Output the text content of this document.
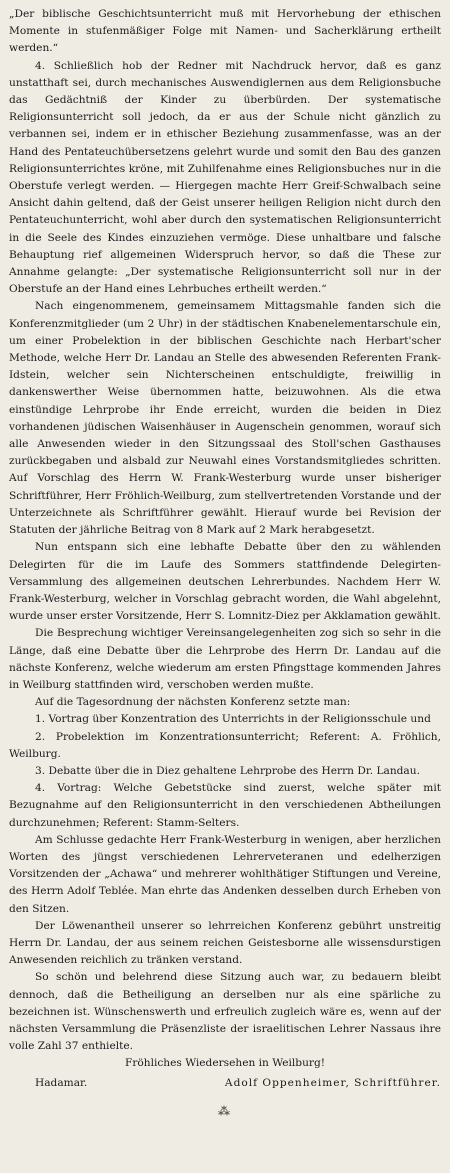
„Der biblische Geschichtsunterricht muß mit Hervorhebung der ethischen Momente in stufenmäßiger Folge mit Namen- und Sacherklärung ertheilt werden.“

4. Schließlich hob der Redner mit Nachdruck hervor, daß es ganz unstatthaft sei, durch mechanisches Auswendiglernen aus dem Religionsbuche das Gedächtniß der Kinder zu überbürden. Der systematische Religionsunterricht soll jedoch, da er aus der Schule nicht gänzlich zu verbannen sei, indem er in ethischer Beziehung zusammenfasse, was an der Hand des Pentateuchübersetzens gelehrt wurde und somit den Bau des ganzen Religionsunterrichtes kröne, mit Zuhilfenahme eines Religionsbuches nur in die Oberstufe verlegt werden. — Hiergegen machte Herr Greif-Schwalbach seine Ansicht dahin geltend, daß der Geist unserer heiligen Religion nicht durch den Pentateuchunterricht, wohl aber durch den systematischen Religionsunterricht in die Seele des Kindes einzuziehen vermöge. Diese unhaltbare und falsche Behauptung rief allgemeinen Widerspruch hervor, so daß die These zur Annahme gelangte: „Der systematische Religionsunterricht soll nur in der Oberstufe an der Hand eines Lehrbuches ertheilt werden.“

Nach eingenommenem, gemeinsamem Mittagsmahle fanden sich die Konferenzmitglieder (um 2 Uhr) in der städtischen Knabenelementarschule ein, um einer Probelektion in der biblischen Geschichte nach Herbart'scher Methode, welche Herr Dr. Landau an Stelle des abwesenden Referenten Frank-Idstein, welcher sein Nichterscheinen entschuldigte, freiwillig in dankenswerther Weise übernommen hatte, beizuwohnen. Als die etwa einstündige Lehrprobe ihr Ende erreicht, wurden die beiden in Diez vorhandenen jüdischen Waisenhäuser in Augenschein genommen, worauf sich alle Anwesenden wieder in den Sitzungssaal des Stoll'schen Gasthauses zurückbegaben und alsbald zur Neuwahl eines Vorstandsmitgliedes schritten. Auf Vorschlag des Herrn W. Frank-Westerburg wurde unser bisheriger Schriftführer, Herr Fröhlich-Weilburg, zum stellvertretenden Vorstande und der Unterzeichnete als Schriftführer gewählt. Hierauf wurde bei Revision der Statuten der jährliche Beitrag von 8 Mark auf 2 Mark herabgesetzt.

Nun entspann sich eine lebhafte Debatte über den zu wählenden Delegirten für die im Laufe des Sommers stattfindende Delegirten-Versammlung des allgemeinen deutschen Lehrerbundes. Nachdem Herr W. Frank-Westerburg, welcher in Vorschlag gebracht worden, die Wahl abgelehnt, wurde unser erster Vorsitzende, Herr S. Lomnitz-Diez per Akklamation gewählt.

Die Besprechung wichtiger Vereinsangelegenheiten zog sich so sehr in die Länge, daß eine Debatte über die Lehrprobe des Herrn Dr. Landau auf die nächste Konferenz, welche wiederum am ersten Pfingsttage kommenden Jahres in Weilburg stattfinden wird, verschoben werden mußte.

Auf die Tagesordnung der nächsten Konferenz setzte man:

1. Vortrag über Konzentration des Unterrichts in der Religionsschule und

2. Probelektion im Konzentrationsunterricht; Referent: A. Fröhlich, Weilburg.

3. Debatte über die in Diez gehaltene Lehrprobe des Herrn Dr. Landau.

4. Vortrag: Welche Gebetstücke sind zuerst, welche später mit Bezugnahme auf den Religionsunterricht in den verschiedenen Abtheilungen durchzunehmen; Referent: Stamm-Selters.

Am Schlusse gedachte Herr Frank-Westerburg in wenigen, aber herzlichen Worten des jüngst verschiedenen Lehrerveteranen und edelherzigen Vorsitzenden der „Achawa“ und mehrerer wohlthätiger Stiftungen und Vereine, des Herrn Adolf Teblée. Man ehrte das Andenken desselben durch Erheben von den Sitzen.

Der Löwenantheil unserer so lehrreichen Konferenz gebührt unstreitig Herrn Dr. Landau, der aus seinem reichen Geistesborne alle wissensdurstigen Anwesenden reichlich zu tränken verstand.

So schön und belehrend diese Sitzung auch war, zu bedauern bleibt dennoch, daß die Betheiligung an derselben nur als eine spärliche zu bezeichnen ist. Wünschenswerth und erfreulich zugleich wäre es, wenn auf der nächsten Versammlung die Präsenzliste der israelitischen Lehrer Nassaus ihre volle Zahl 37 enthielte.

Fröhliches Wiedersehen in Weilburg!

Hadamar.	Adolf Oppenheimer, Schriftführer.
⁂
